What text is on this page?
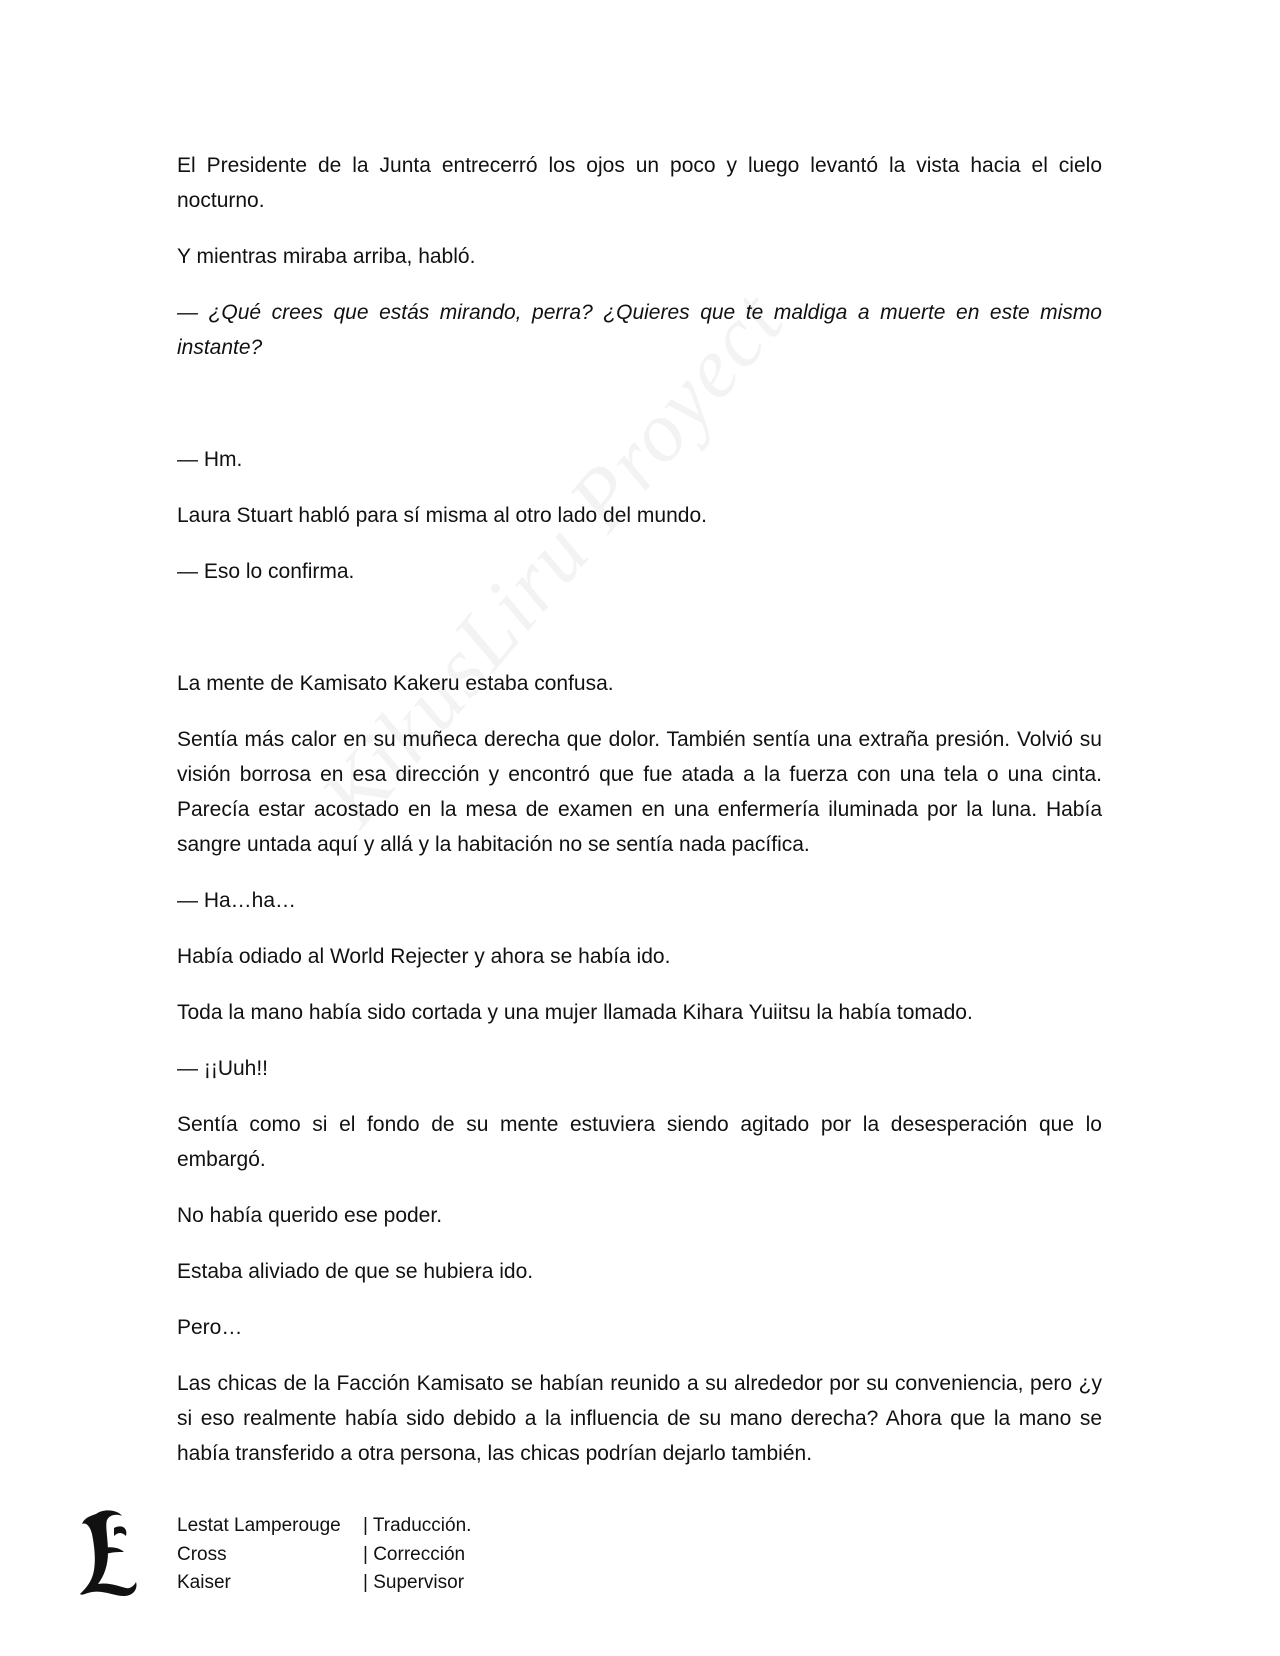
El Presidente de la Junta entrecerró los ojos un poco y luego levantó la vista hacia el cielo nocturno.

Y mientras miraba arriba, habló.

— ¿Qué crees que estás mirando, perra? ¿Quieres que te maldiga a muerte en este mismo instante?

— Hm.

Laura Stuart habló para sí misma al otro lado del mundo.

— Eso lo confirma.

La mente de Kamisato Kakeru estaba confusa.

Sentía más calor en su muñeca derecha que dolor. También sentía una extraña presión. Volvió su visión borrosa en esa dirección y encontró que fue atada a la fuerza con una tela o una cinta. Parecía estar acostado en la mesa de examen en una enfermería iluminada por la luna. Había sangre untada aquí y allá y la habitación no se sentía nada pacífica.

— Ha…ha…

Había odiado al World Rejecter y ahora se había ido.

Toda la mano había sido cortada y una mujer llamada Kihara Yuiitsu la había tomado.

— ¡¡Uuh!!

Sentía como si el fondo de su mente estuviera siendo agitado por la desesperación que lo embargó.

No había querido ese poder.

Estaba aliviado de que se hubiera ido.

Pero…

Las chicas de la Facción Kamisato se habían reunido a su alrededor por su conveniencia, pero ¿y si eso realmente había sido debido a la influencia de su mano derecha? Ahora que la mano se había transferido a otra persona, las chicas podrían dejarlo también.

Lestat Lamperouge	| Traducción.
Cross	| Corrección
Kaiser	| Supervisor
